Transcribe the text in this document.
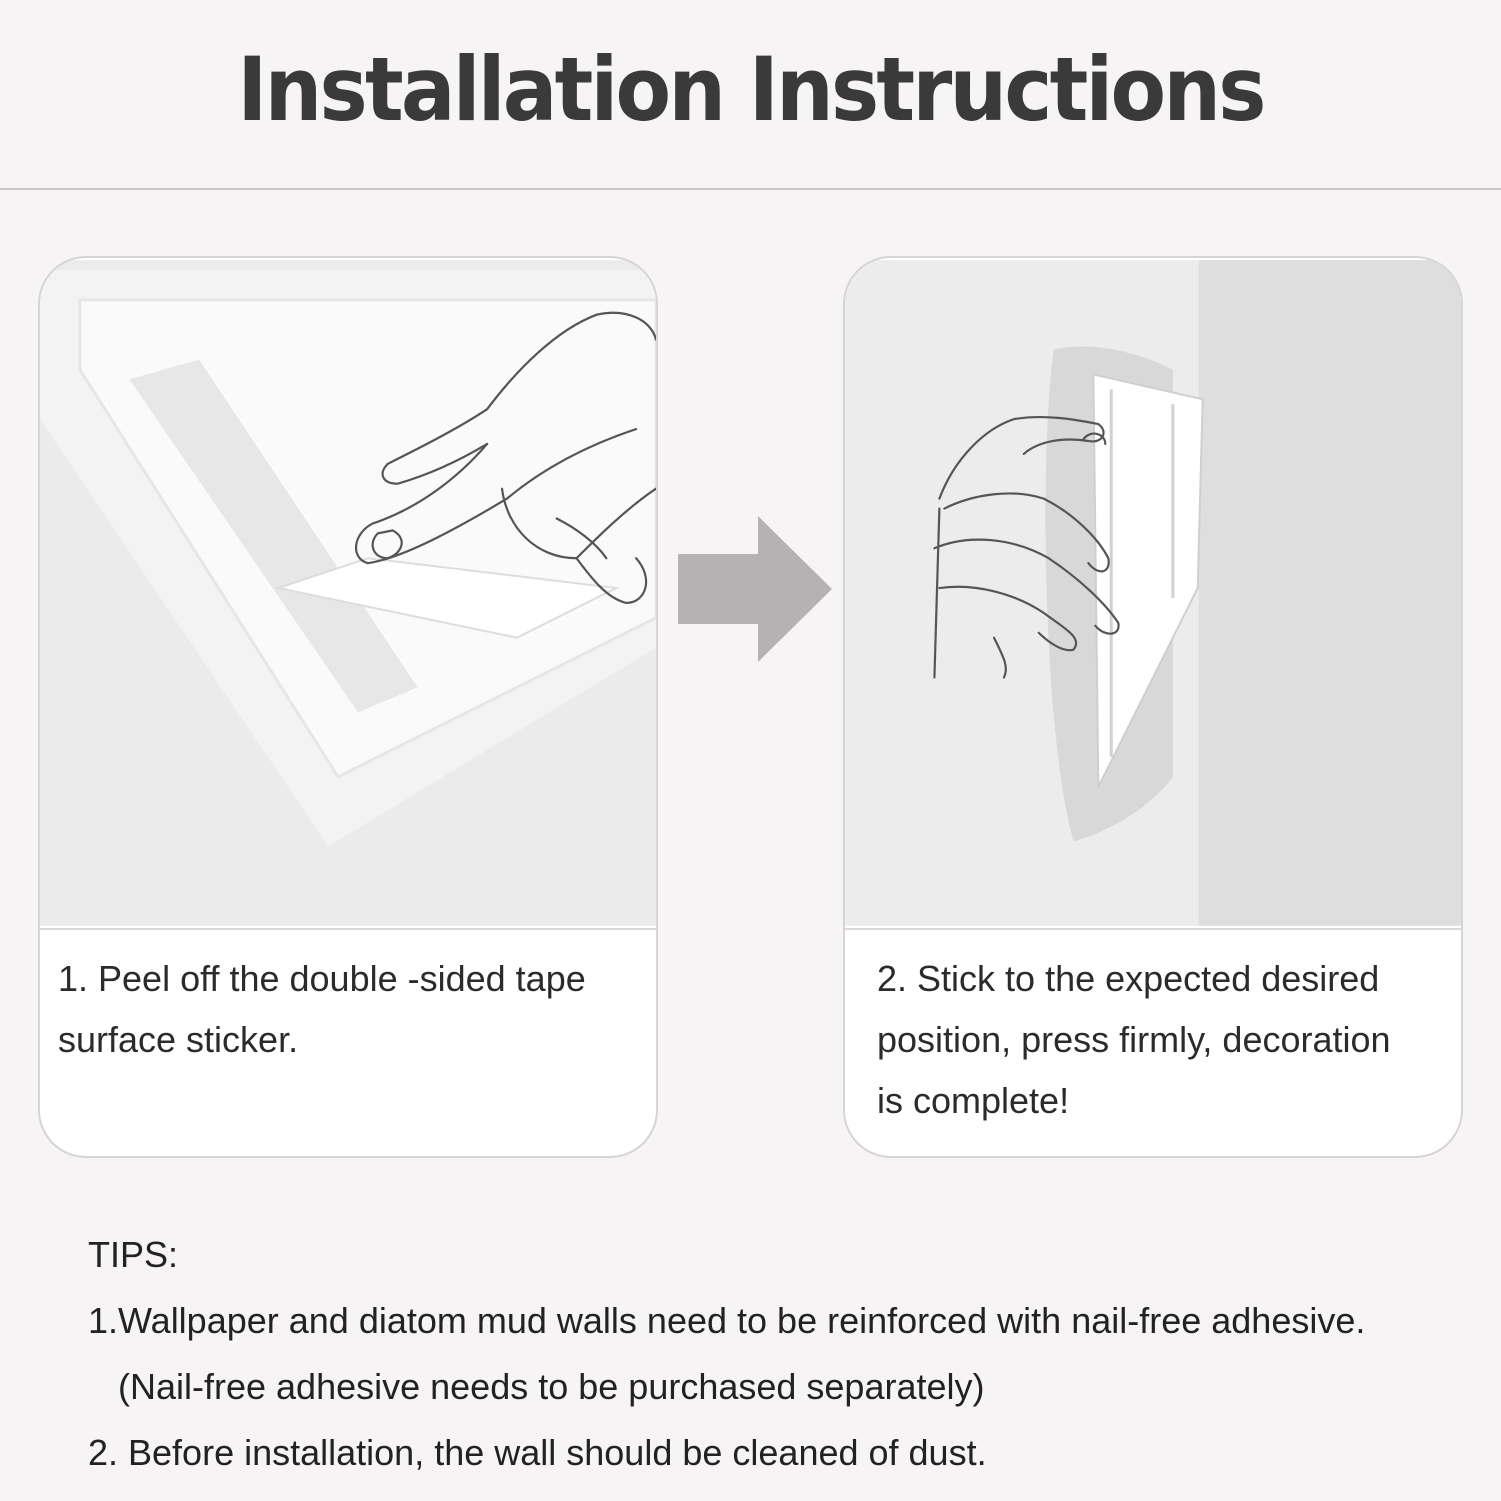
Installation Instructions
1. Peel off the double -sided tape
surface sticker.
2. Stick to the expected desired
position, press firmly, decoration
is complete!
TIPS:
1.Wallpaper and diatom mud walls need to be reinforced with nail-free adhesive.
(Nail-free adhesive needs to be purchased separately)
2. Before installation, the wall should be cleaned of dust.
